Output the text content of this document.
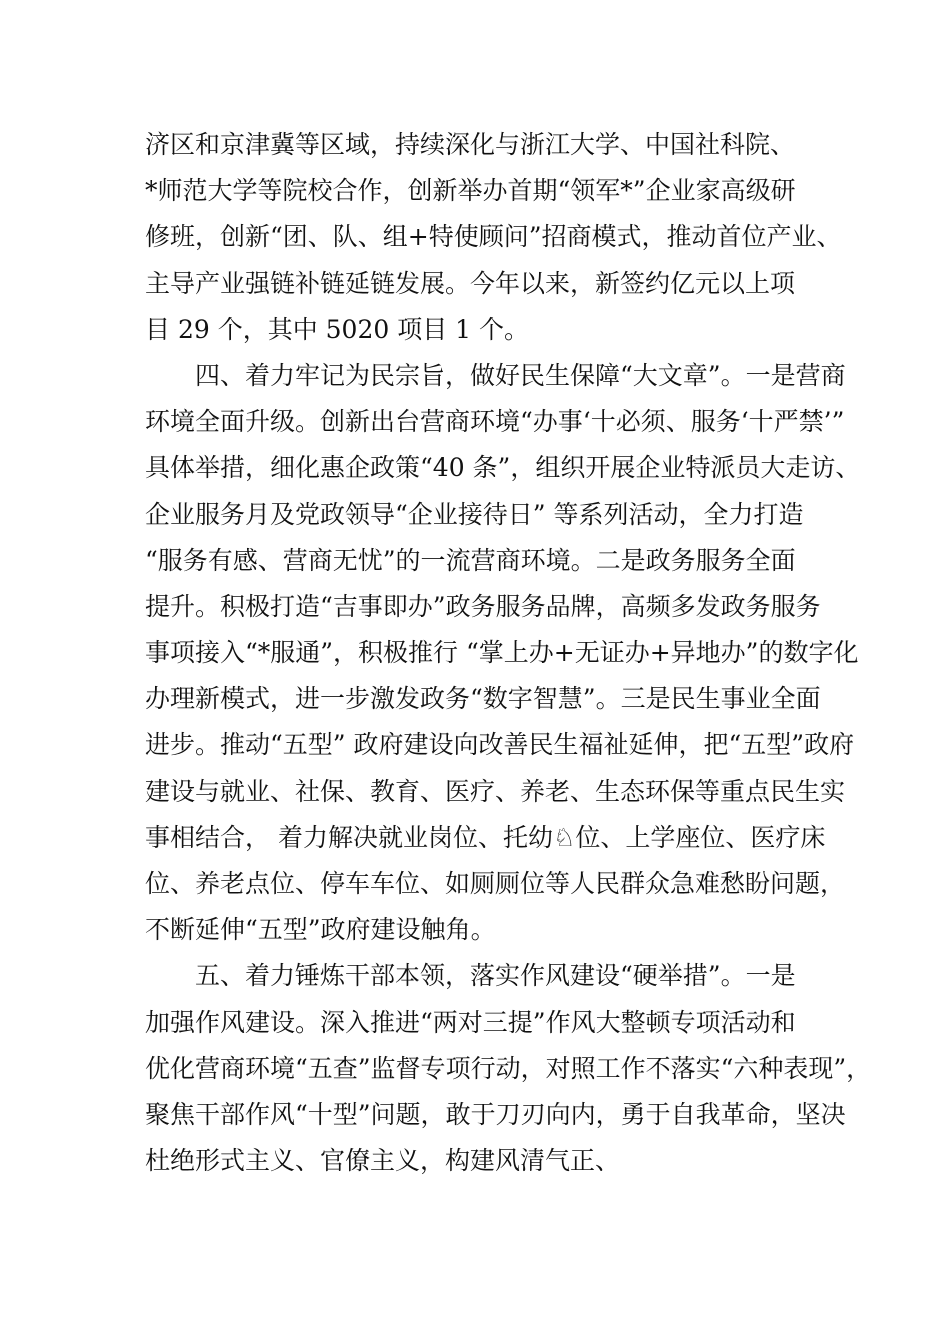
济区和京津冀等区域，持续深化与浙江大学、中国社科院、
*师范大学等院校合作，创新举办首期“领军*”企业家高级研
修班，创新“团、队、组+特使顾问”招商模式，推动首位产业、
主导产业强链补链延链发展。今年以来，新签约亿元以上项
目 29 个，其中 5020 项目 1 个。
四、着力牢记为民宗旨，做好民生保障“大文章”。一是营商
环境全面升级。创新出台营商环境“办事‘十必须、服务‘十严禁’”
具体举措，细化惠企政策“40 条”，组织开展企业特派员大走访、
企业服务月及党政领导“企业接待日” 等系列活动，全力打造
“服务有感、营商无忧”的一流营商环境。二是政务服务全面
提升。积极打造“吉事即办”政务服务品牌，高频多发政务服务
事项接入“*服通”，积极推行 “掌上办+无证办+异地办”的数字化
办理新模式，进一步激发政务“数字智慧”。三是民生事业全面
进步。推动“五型” 政府建设向改善民生福祉延伸，把“五型”政府
建设与就业、社保、教育、医疗、养老、生态环保等重点民生实
事相结合， 着力解决就业岗位、托幼♘位、上学座位、医疗床
位、养老点位、停车车位、如厕厕位等人民群众急难愁盼问题，
不断延伸“五型”政府建设触角。
五、着力锤炼干部本领，落实作风建设“硬举措”。一是
加强作风建设。深入推进“两对三提”作风大整顿专项活动和
优化营商环境“五查”监督专项行动，对照工作不落实“六种表现”，
聚焦干部作风“十型”问题，敢于刀刃向内，勇于自我革命，坚决
杜绝形式主义、官僚主义，构建风清气正、
